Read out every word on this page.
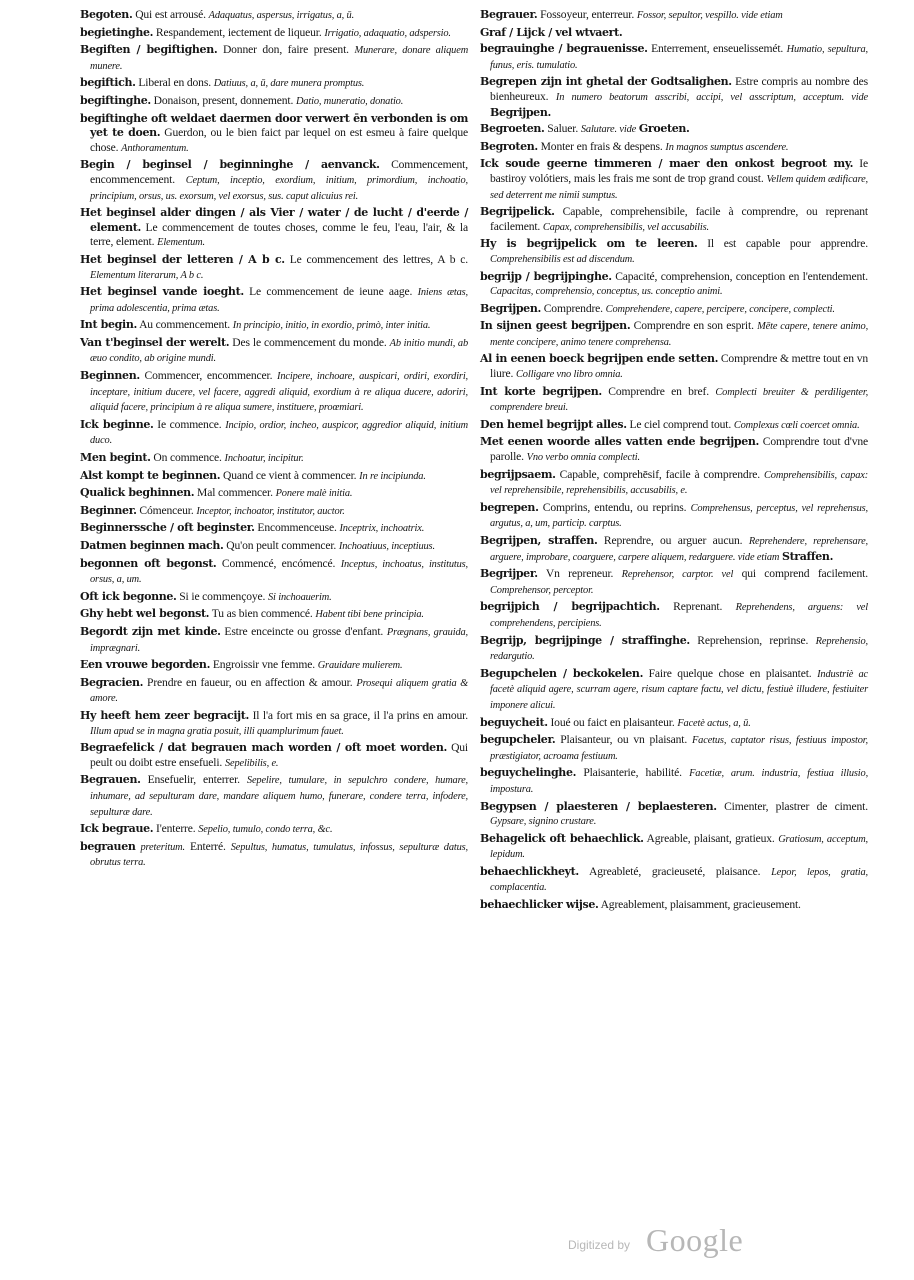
Begoten. Qui est arrousé. Adaquatus, aspersus, irrigatus, a, ū.

begietinghe. Respandement, iectement de liqueur. Irrigatio, adaquatio, adspersio.

Begiften / begiftighen. Donner don, faire present. Munerare, donare aliquem munere.

begiftich. Liberal en dons. Datiuus, a, ū, dare munera promptus.

begiftinghe. Donaison, present, donnement. Datio, muneratio, donatio.

begiftinghe oft weldaet daermen door verwert ēn verbonden is om yet te doen. Guerdon, ou le bien faict par lequel on est esmeu à faire quelque chose. Anthoramentum.

Begin / beginsel / beginninghe / aenvanck. Commencement, encommencement. Ceptum, inceptio, exordium, initium, primordium, inchoatio, principium, orsus, us. exorsum, vel exorsus, sus. caput alicuius rei.

Het beginsel alder dingen / als Vier / water / de lucht / d'eerde / element. Le commencement de toutes choses, comme le feu, l'eau, l'air, & la terre, element. Elementum.

Het beginsel der letteren / A b c. Le commencement des lettres, A b c. Elementum literarum, A b c.

Het beginsel vande ioeght. Le commencement de ieune aage. Iniens ætas, prima adolescentia, prima ætas.

Int begin. Au commencement. In principio, initio, in exordio, primò, inter initia.

Van t'beginsel der werelt. Des le commencement du monde. Ab initio mundi, ab æuo condito, ab origine mundi.

Beginnen. Commencer, encommencer. Incipere, inchoare, auspicari, ordiri, exordiri, inceptare, initium ducere, vel facere, aggredi aliquid, exordium à re aliqua ducere, adoriri, aliquid facere, principium à re aliqua sumere, instituere, proœmiari.

Ick beginne. Ie commence. Incipio, ordior, incheo, auspicor, aggredior aliquid, initium duco.

Men begint. On commence. Inchoatur, incipitur.

Alst kompt te beginnen. Quand ce vient à commencer. In re incipiunda.

Qualick beghinnen. Mal commencer. Ponere malè initia.

Beginner. Cómenceur. Inceptor, inchoator, institutor, auctor.

Beginnerssche / oft beginster. Encommenceuse. Inceptrix, inchoatrix.

Datmen beginnen mach. Qu'on peult commencer. Inchoatiuus, inceptiuus.

begonnen oft begonst. Commencé, encómencé. Inceptus, inchoatus, institutus, orsus, a, um.

Oft ick begonne. Si ie commençoye. Si inchoauerim.

Ghy hebt wel begonst. Tu as bien commencé. Habent tibi bene principia.

Begordt zijn met kinde. Estre enceincte ou grosse d'enfant. Prægnans, grauida, imprægnari.

Een vrouwe begorden. Engroissir vne femme. Grauidare mulierem.

Begracien. Prendre en faueur, ou en affection & amour. Prosequi aliquem gratia & amore.

Hy heeft hem zeer begracijt. Il l'a fort mis en sa grace, il l'a prins en amour. Illum apud se in magna gratia posuit, illi quamplurimum fauet.

Begraefelick / dat begrauen mach worden / oft moet worden. Qui peult ou doibt estre ensefueli. Sepelibilis, e.

Begrauen. Ensefuelir, enterrer. Sepelire, tumulare, in sepulchro condere, humare, inhumare, ad sepulturam dare, mandare aliquem humo, funerare, condere terra, infodere, sepulturæ dare.

Ick begraue. I'enterre. Sepelio, tumulo, condo terra, &c.

begrauen preteritum. Enterré. Sepultus, humatus, tumulatus, infossus, sepulturæ datus, obrutus terra.

Begrauer. Fossoyeur, enterreur. Fossor, sepultor, vespillo. vide etiam

Graf / Lijck / vel wtvaert.

begrauinghe / begrauenisse. Enterrement, enseuelissemét. Humatio, sepultura, funus, eris. tumulatio.

Begrepen zijn int ghetal der Godtsalighen. Estre compris au nombre des bienheureux. In numero beatorum asscribi, accipi, vel asscriptum, acceptum. vide Begrijpen.

Begroeten. Saluer. Salutare. vide Groeten.

Begroten. Monter en frais & despens. In magnos sumptus ascendere.

Ick soude geerne timmeren / maer den onkost begroot my. Ie bastiroy volótiers, mais les frais me sont de trop grand coust. Vellem quidem ædificare, sed deterrent me nimii sumptus.

Begrijpelick. Capable, comprehensibile, facile à comprendre, ou reprenant facilement. Capax, comprehensibilis, vel accusabilis.

Hy is begrijpelick om te leeren. Il est capable pour apprendre. Comprehensibilis est ad discendum.

begrijp / begrijpinghe. Capacité, comprehension, conception en l'entendement. Capacitas, comprehensio, conceptus, us. conceptio animi.

Begrijpen. Comprendre. Comprehendere, capere, percipere, concipere, complecti.

In sijnen geest begrijpen. Comprendre en son esprit. Mēte capere, tenere animo, mente concipere, animo tenere comprehensa.

Al in eenen boeck begrijpen ende setten. Comprendre & mettre tout en vn liure. Colligare vno libro omnia.

Int korte begrijpen. Comprendre en bref. Complecti breuiter & perdiligenter, comprendere breui.

Den hemel begrijpt alles. Le ciel comprend tout. Complexus cœli coercet omnia.

Met eenen woorde alles vatten ende begrijpen. Comprendre tout d'vne parolle. Vno verbo omnia complecti.

begrijpsaem. Capable, comprehēsif, facile à comprendre. Comprehensibilis, capax: vel reprehensibile, reprehensibilis, accusabilis, e.

begrepen. Comprins, entendu, ou reprins. Comprehensus, perceptus, vel reprehensus, argutus, a, um, particip. carptus.

Begrijpen, straffen. Reprendre, ou arguer aucun. Reprehendere, reprehensare, arguere, improbare, coarguere, carpere aliquem, redarguere. vide etiam Straffen.

Begrijper. Vn repreneur. Reprehensor, carptor. vel qui comprend facilement. Comprehensor, perceptor.

begrijpich / begrijpachtich. Reprenant. Reprehendens, arguens: vel comprehendens, percipiens.

Begrijp, begrijpinge / straffinghe. Reprehension, reprinse. Reprehensio, redargutio.

Begupchelen / beckokelen. Faire quelque chose en plaisantet. Industriè ac facetè aliquid agere, scurram agere, risum captare factu, vel dictu, festiuè illudere, festiuiter imponere alicui.

beguycheit. Ioué ou faict en plaisanteur. Facetè actus, a, ū.

begupcheler. Plaisanteur, ou vn plaisant. Facetus, captator risus, festiuus impostor, præstigiator, acroama festiuum.

beguychelinghe. Plaisanterie, habilité. Facetiæ, arum. industria, festiua illusio, impostura.

Begypsen / plaesteren / beplaesteren. Cimenter, plastrer de ciment. Gypsare, signino crustare.

Behagelick oft behaechlick. Agreable, plaisant, gratieux. Gratiosum, acceptum, lepidum.

behaechlickheyt. Agreableté, gracieuseté, plaisance. Lepor, lepos, gratia, complacentia.

behaechlicker wijse. Agreablement, plaisamment, gracieusement.

Digitized by Google
